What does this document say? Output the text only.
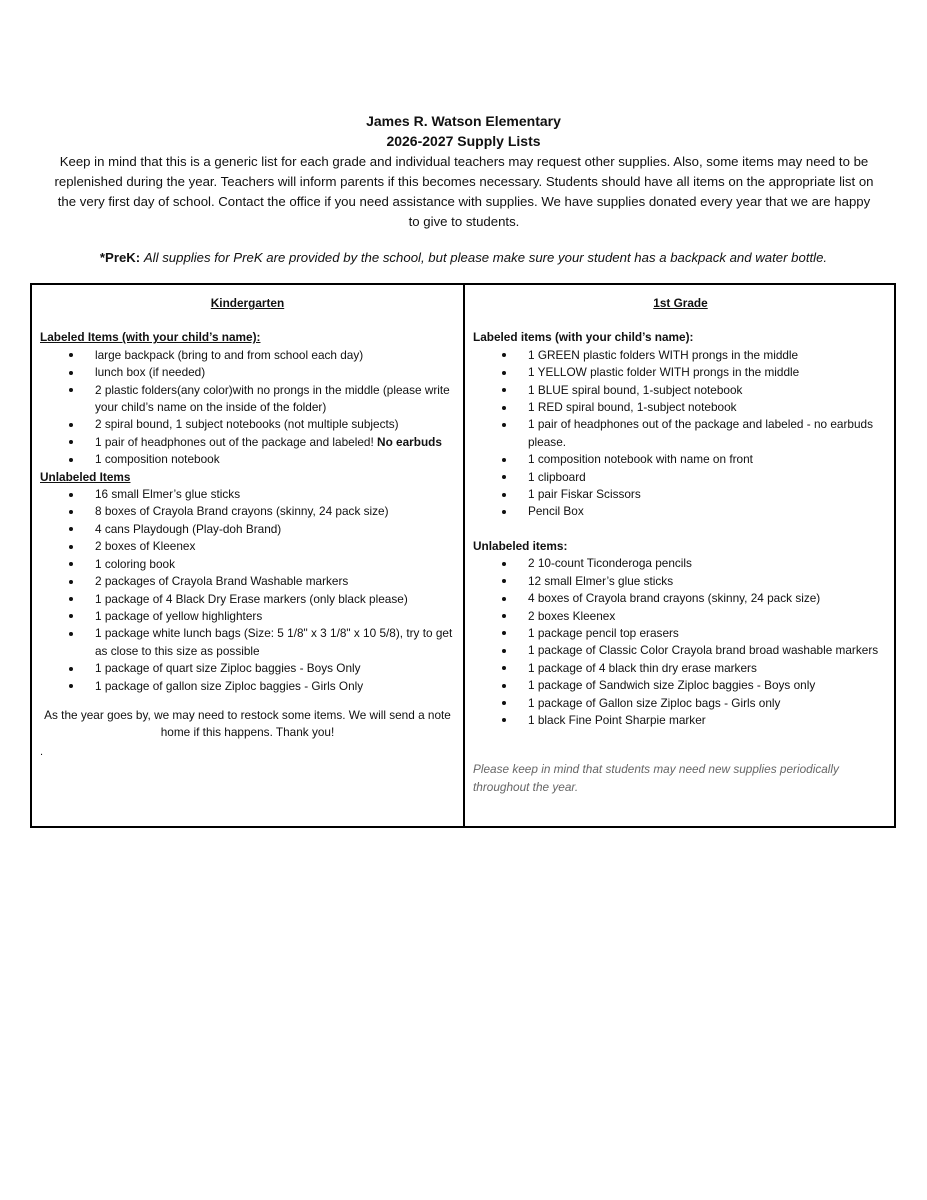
James R. Watson Elementary
2026-2027 Supply Lists
Keep in mind that this is a generic list for each grade and individual teachers may request other supplies. Also, some items may need to be replenished during the year. Teachers will inform parents if this becomes necessary. Students should have all items on the appropriate list on the very first day of school. Contact the office if you need assistance with supplies. We have supplies donated every year that we are happy to give to students.
*PreK: All supplies for PreK are provided by the school, but please make sure your student has a backpack and water bottle.
Kindergarten
Labeled Items (with your child’s name):
large backpack (bring to and from school each day)
lunch box (if needed)
2 plastic folders(any color)with no prongs in the middle (please write your child’s name on the inside of the folder)
2 spiral bound, 1 subject notebooks (not multiple subjects)
1 pair of headphones out of the package and labeled! No earbuds
1 composition notebook
Unlabeled Items
16 small Elmer’s glue sticks
8 boxes of Crayola Brand crayons (skinny, 24 pack size)
4 cans Playdough (Play-doh Brand)
2 boxes of Kleenex
1 coloring book
2 packages of Crayola Brand Washable markers
1 package of 4 Black Dry Erase markers (only black please)
1 package of yellow highlighters
1 package white lunch bags (Size: 5 1/8" x 3 1/8" x 10 5/8), try to get as close to this size as possible
1 package of quart size Ziploc baggies - Boys Only
1 package of gallon size Ziploc baggies - Girls Only
As the year goes by, we may need to restock some items. We will send a note home if this happens. Thank you!
.
1st Grade
Labeled items (with your child’s name):
1 GREEN plastic folders WITH prongs in the middle
1 YELLOW plastic folder WITH prongs in the middle
1 BLUE spiral bound, 1-subject notebook
1 RED spiral bound, 1-subject notebook
1 pair of headphones out of the package and labeled - no earbuds please.
1 composition notebook with name on front
1 clipboard
1 pair Fiskar Scissors
Pencil Box
Unlabeled items:
2 10-count Ticonderoga pencils
12 small Elmer’s glue sticks
4 boxes of Crayola brand crayons (skinny, 24 pack size)
2 boxes Kleenex
1 package pencil top erasers
1 package of Classic Color Crayola brand broad washable markers
1 package of 4 black thin dry erase markers
1 package of Sandwich size Ziploc baggies - Boys only
1 package of Gallon size Ziploc bags - Girls only
1 black Fine Point Sharpie marker
Please keep in mind that students may need new supplies periodically throughout the year.
